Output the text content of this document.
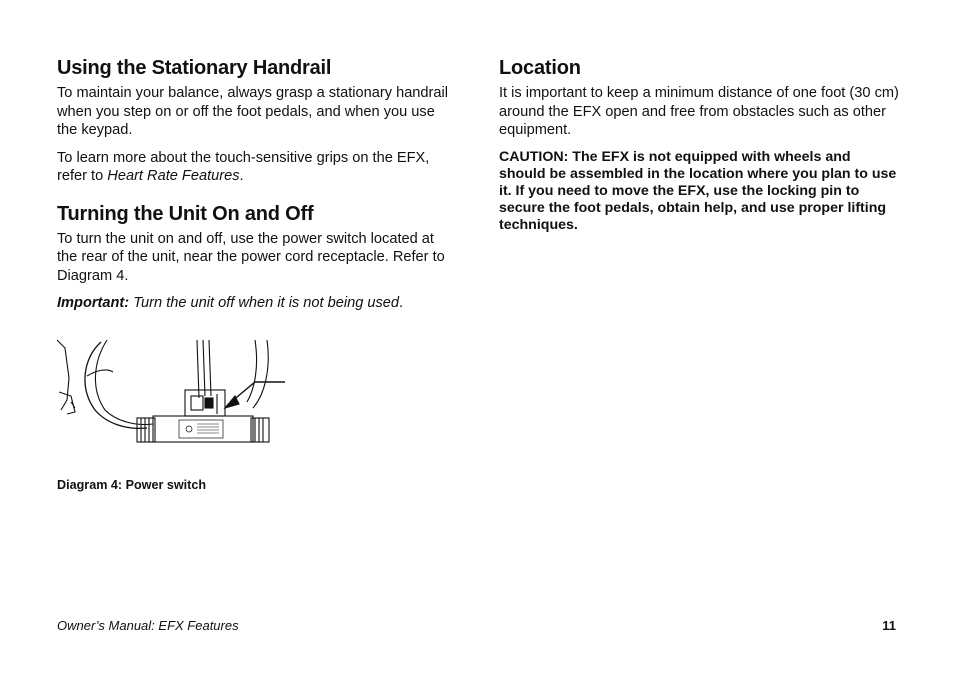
Using the Stationary Handrail

To maintain your balance, always grasp a stationary handrail when you step on or off the foot pedals, and when you use the keypad.

To learn more about the touch-sensitive grips on the EFX, refer to Heart Rate Features.

Turning the Unit On and Off

To turn the unit on and off, use the power switch located at the rear of the unit, near the power cord receptacle. Refer to Diagram 4.

Important: Turn the unit off when it is not being used.

Diagram 4: Power switch

Location

It is important to keep a minimum distance of one foot (30 cm) around the EFX open and free from obstacles such as other equipment.

CAUTION: The EFX is not equipped with wheels and should be assembled in the location where you plan to use it. If you need to move the EFX, use the locking pin to secure the foot pedals, obtain help, and use proper lifting techniques.

Owner’s Manual: EFX Features	11
